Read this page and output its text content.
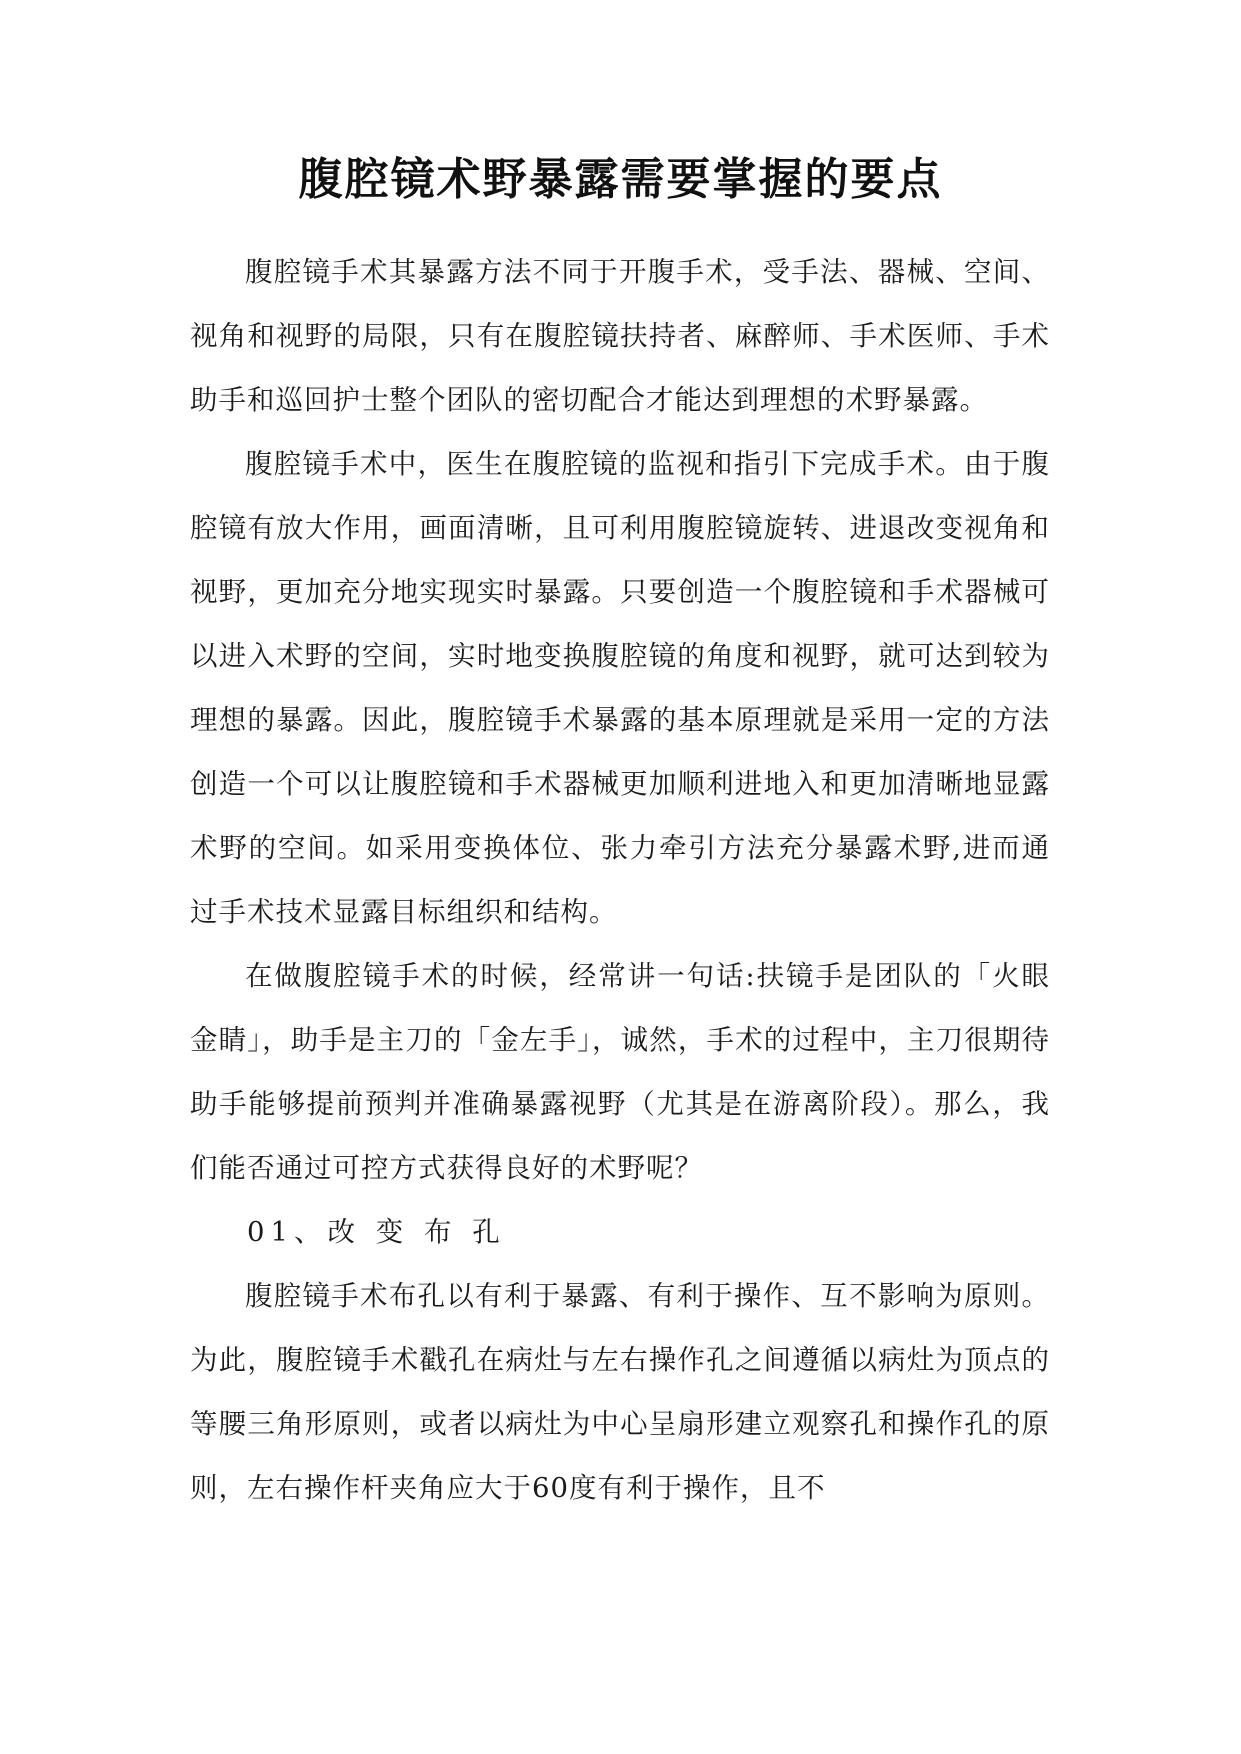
腹腔镜术野暴露需要掌握的要点

腹腔镜手术其暴露方法不同于开腹手术，受手法、器械、空间、视角和视野的局限，只有在腹腔镜扶持者、麻醉师、手术医师、手术助手和巡回护士整个团队的密切配合才能达到理想的术野暴露。

腹腔镜手术中，医生在腹腔镜的监视和指引下完成手术。由于腹腔镜有放大作用，画面清晰，且可利用腹腔镜旋转、进退改变视角和视野，更加充分地实现实时暴露。只要创造一个腹腔镜和手术器械可以进入术野的空间，实时地变换腹腔镜的角度和视野，就可达到较为理想的暴露。因此，腹腔镜手术暴露的基本原理就是采用一定的方法创造一个可以让腹腔镜和手术器械更加顺利进地入和更加清晰地显露术野的空间。如采用变换体位、张力牵引方法充分暴露术野,进而通过手术技术显露目标组织和结构。

在做腹腔镜手术的时候，经常讲一句话:扶镜手是团队的「火眼金睛」，助手是主刀的「金左手」，诚然，手术的过程中，主刀很期待助手能够提前预判并准确暴露视野（尤其是在游离阶段）。那么，我们能否通过可控方式获得良好的术野呢？

01、改 变 布 孔

腹腔镜手术布孔以有利于暴露、有利于操作、互不影响为原则。为此，腹腔镜手术戳孔在病灶与左右操作孔之间遵循以病灶为顶点的等腰三角形原则，或者以病灶为中心呈扇形建立观察孔和操作孔的原则，左右操作杆夹角应大于60度有利于操作，且不
